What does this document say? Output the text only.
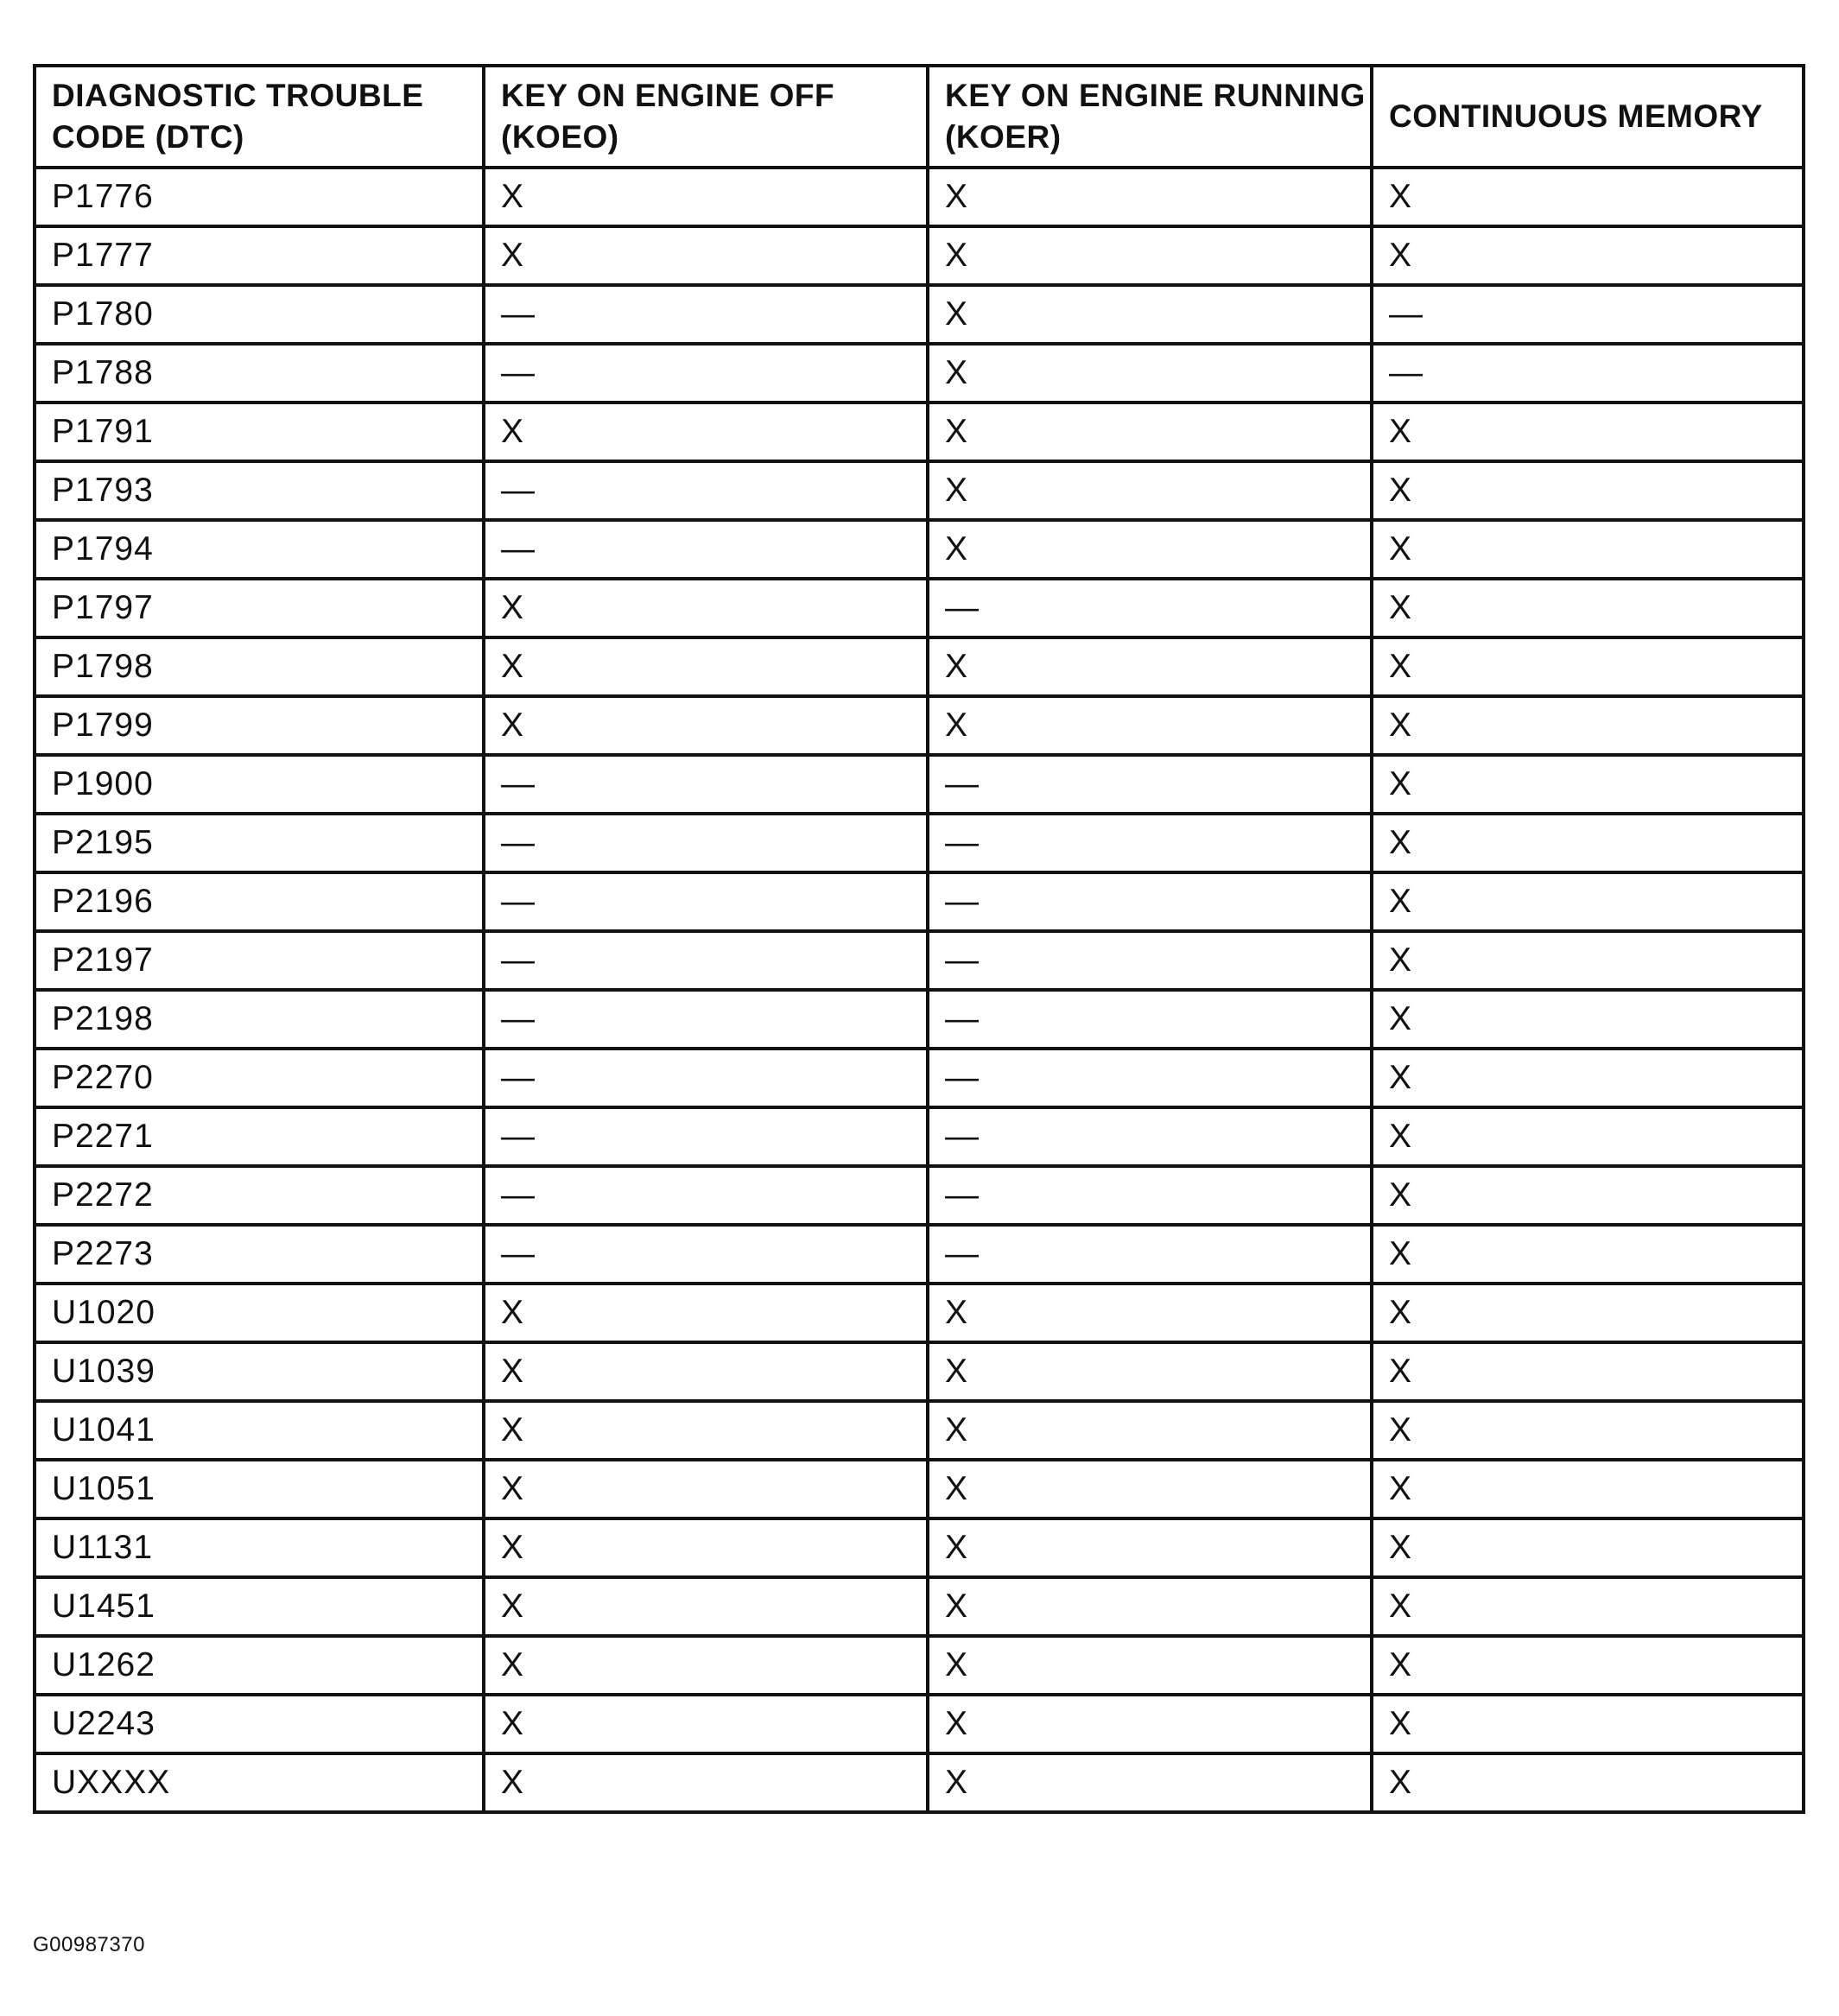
DIAGNOSTIC TROUBLE CODE (DTC)	KEY ON ENGINE OFF (KOEO)	KEY ON ENGINE RUNNING (KOER)	CONTINUOUS MEMORY
P1776	X	X	X
P1777	X	X	X
P1780	—	X	—
P1788	—	X	—
P1791	X	X	X
P1793	—	X	X
P1794	—	X	X
P1797	X	—	X
P1798	X	X	X
P1799	X	X	X
P1900	—	—	X
P2195	—	—	X
P2196	—	—	X
P2197	—	—	X
P2198	—	—	X
P2270	—	—	X
P2271	—	—	X
P2272	—	—	X
P2273	—	—	X
U1020	X	X	X
U1039	X	X	X
U1041	X	X	X
U1051	X	X	X
U1131	X	X	X
U1451	X	X	X
U1262	X	X	X
U2243	X	X	X
UXXXX	X	X	X
G00987370
